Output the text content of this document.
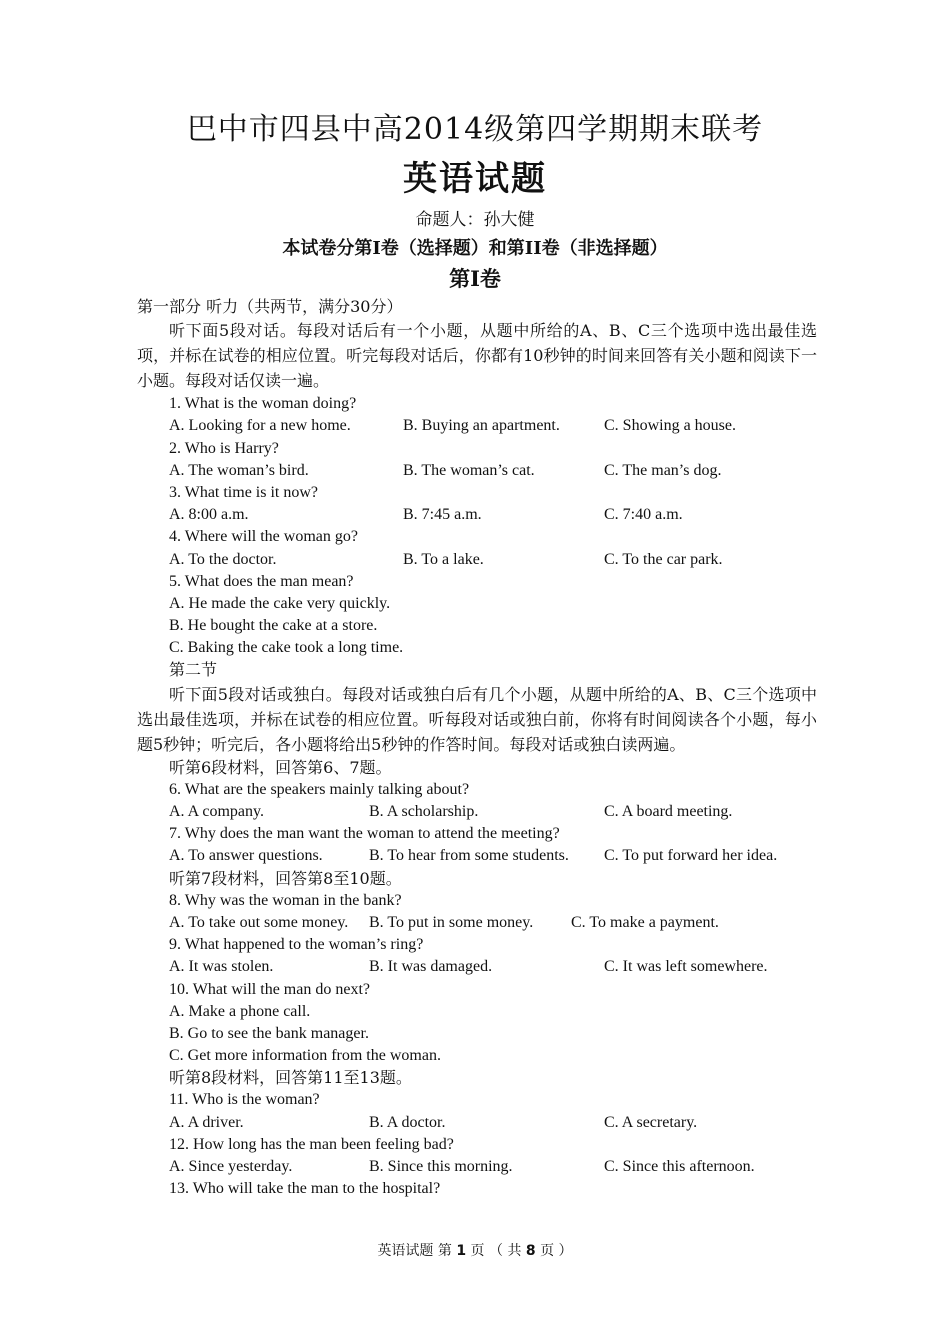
巴中市四县中高2014级第四学期期末联考
英语试题
命题人：孙大健
本试卷分第I卷（选择题）和第II卷（非选择题）
第I卷
第一部分 听力（共两节，满分30分）
听下面5段对话。每段对话后有一个小题，从题中所给的A、B、C三个选项中选出最佳选项，并标在试卷的相应位置。听完每段对话后，你都有10秒钟的时间来回答有关小题和阅读下一小题。每段对话仅读一遍。
1. What is the woman doing?
A. Looking for a new home.	B. Buying an apartment.	C. Showing a house.
2. Who is Harry?
A. The woman’s bird.	B. The woman’s cat.	C. The man’s dog.
3. What time is it now?
A. 8:00 a.m.	B. 7:45 a.m.	C. 7:40 a.m.
4. Where will the woman go?
A. To the doctor.	B. To a lake.	C. To the car park.
5. What does the man mean?
A. He made the cake very quickly.
B. He bought the cake at a store.
C. Baking the cake took a long time.
第二节
听下面5段对话或独白。每段对话或独白后有几个小题，从题中所给的A、B、C三个选项中选出最佳选项，并标在试卷的相应位置。听每段对话或独白前，你将有时间阅读各个小题，每小题5秒钟；听完后，各小题将给出5秒钟的作答时间。每段对话或独白读两遍。
听第6段材料，回答第6、7题。
6. What are the speakers mainly talking about?
A. A company.	B. A scholarship.	C. A board meeting.
7. Why does the man want the woman to attend the meeting?
A. To answer questions.	B. To hear from some students. C. To put forward her idea.
听第7段材料，回答第8至10题。
8. Why was the woman in the bank?
A. To take out some money. B. To put in some money. C. To make a payment.
9. What happened to the woman’s ring?
A. It was stolen.	B. It was damaged.	C. It was left somewhere.
10. What will the man do next?
A. Make a phone call.
B. Go to see the bank manager.
C. Get more information from the woman.
听第8段材料，回答第11至13题。
11. Who is the woman?
A. A driver.	B. A doctor.	C. A secretary.
12. How long has the man been feeling bad?
A. Since yesterday.	B. Since this morning.	C. Since this afternoon.
13. Who will take the man to the hospital?
英语试题 第 1 页 （ 共 8 页 ）
